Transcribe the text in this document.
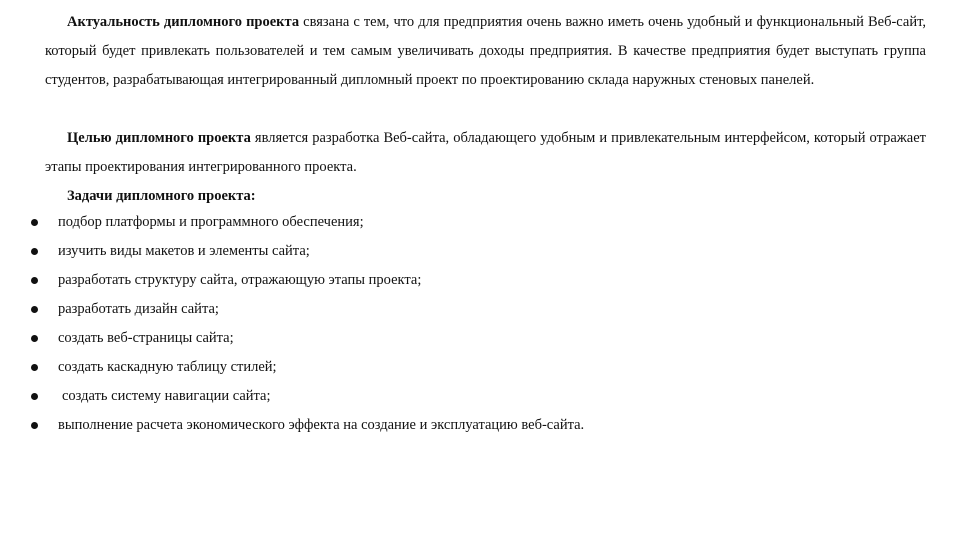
Актуальность дипломного проекта связана с тем, что для предприятия очень важно иметь очень удобный и функциональный Веб-сайт, который будет привлекать пользователей и тем самым увеличивать доходы предприятия. В качестве предприятия будет выступать группа студентов, разрабатывающая интегрированный дипломный проект по проектированию склада наружных стеновых панелей.

Целью дипломного проекта является разработка Веб-сайта, обладающего удобным и привлекательным интерфейсом, который отражает этапы проектирования интегрированного проекта.

Задачи дипломного проекта:

подбор платформы и программного обеспечения;
изучить виды макетов и элементы сайта;
разработать структуру сайта, отражающую этапы проекта;
разработать дизайн сайта;
создать веб-страницы сайта;
создать каскадную таблицу стилей;
создать систему навигации сайта;
выполнение расчета экономического эффекта на создание и эксплуатацию веб-сайта.
